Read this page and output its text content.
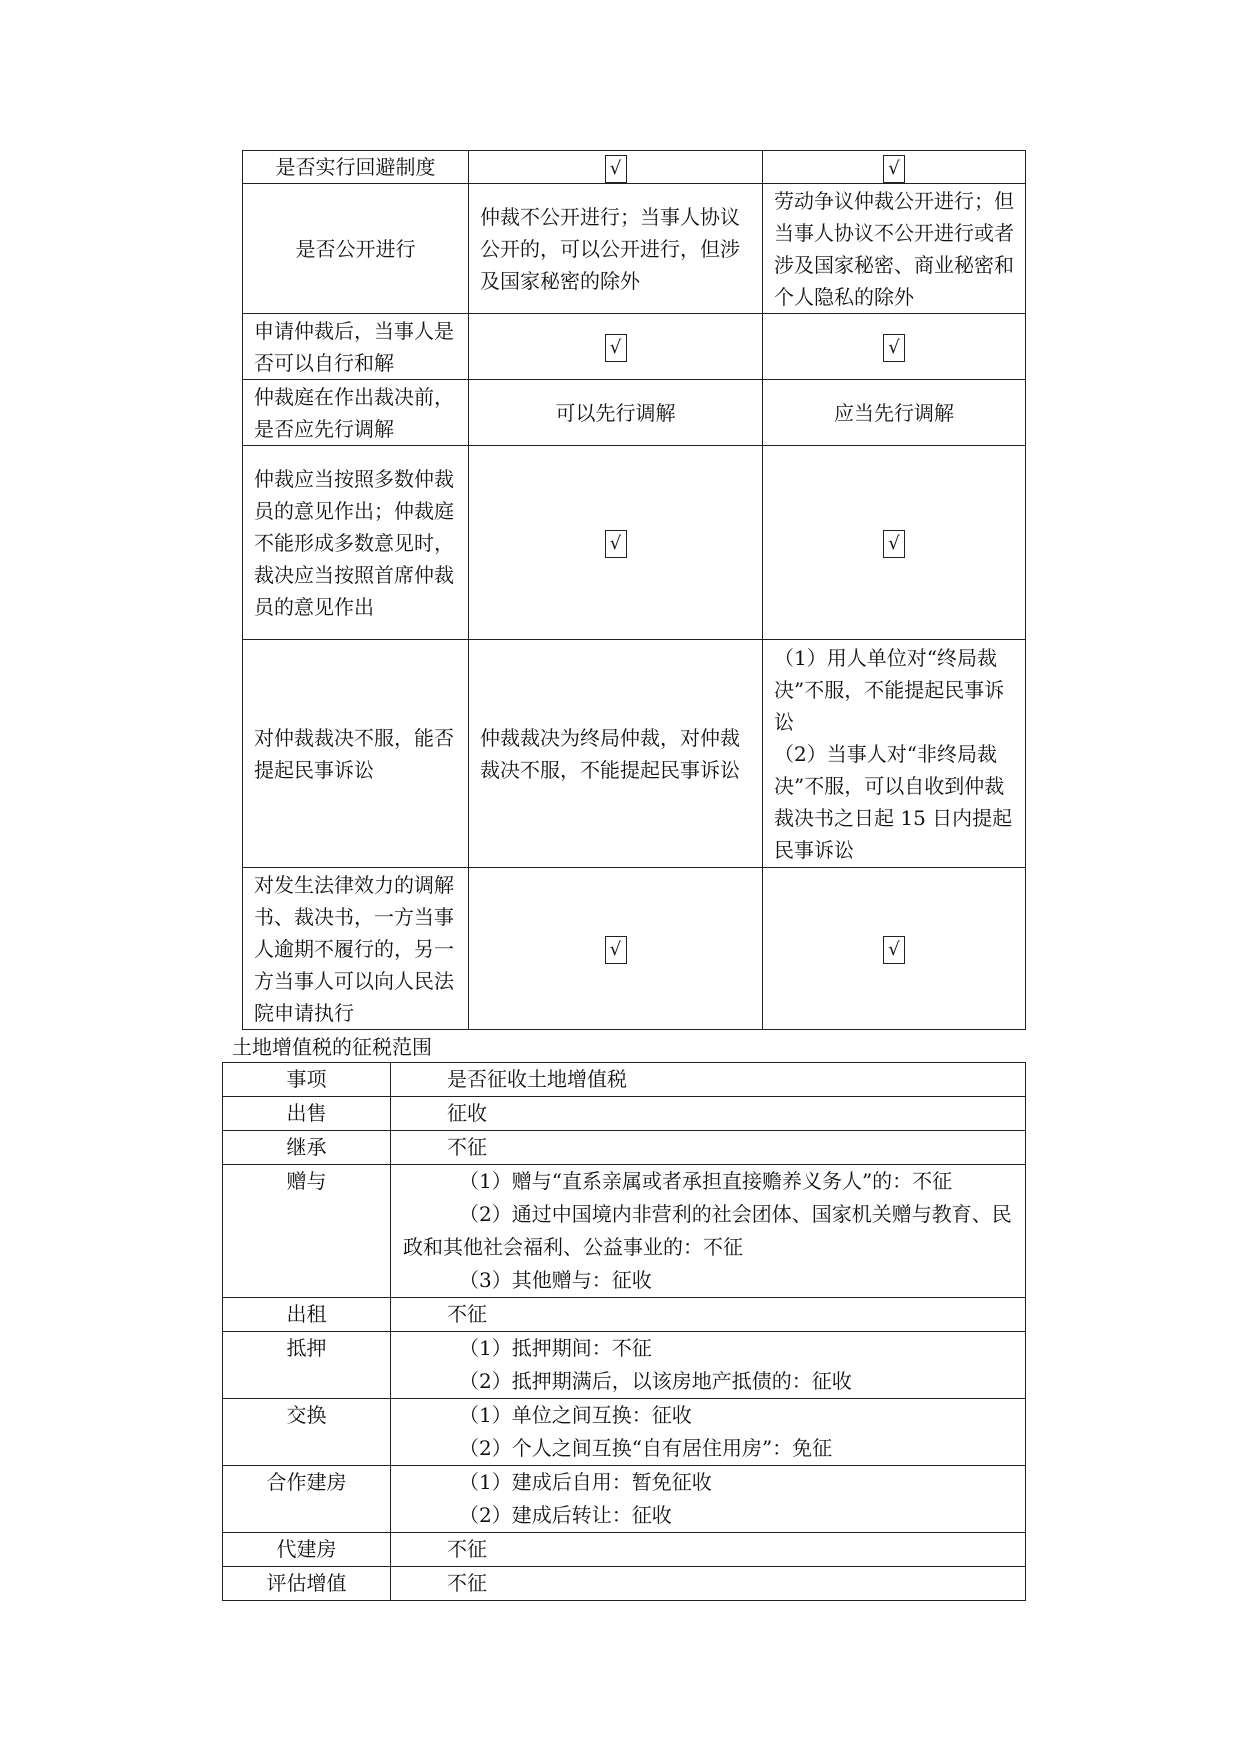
是否实行回避制度	√	√
是否公开进行	仲裁不公开进行；当事人协议公开的，可以公开进行，但涉及国家秘密的除外	劳动争议仲裁公开进行；但当事人协议不公开进行或者涉及国家秘密、商业秘密和个人隐私的除外
申请仲裁后，当事人是否可以自行和解	√	√
仲裁庭在作出裁决前，是否应先行调解	可以先行调解	应当先行调解
仲裁应当按照多数仲裁员的意见作出；仲裁庭不能形成多数意见时，裁决应当按照首席仲裁员的意见作出	√	√
对仲裁裁决不服，能否提起民事诉讼	仲裁裁决为终局仲裁，对仲裁裁决不服，不能提起民事诉讼	（1）用人单位对“终局裁决”不服，不能提起民事诉讼
（2）当事人对“非终局裁决”不服，可以自收到仲裁裁决书之日起 15 日内提起民事诉讼
对发生法律效力的调解书、裁决书，一方当事人逾期不履行的，另一方当事人可以向人民法院申请执行	√	√
土地增值税的征税范围
事项	是否征收土地增值税

出售	征收

继承	不征

赠与	（1）赠与“直系亲属或者承担直接赡养义务人”的：不征
（2）通过中国境内非营利的社会团体、国家机关赠与教育、民政和其他社会福利、公益事业的：不征
（3）其他赠与：征收

出租	不征

抵押	（1）抵押期间：不征
（2）抵押期满后，以该房地产抵债的：征收

交换	（1）单位之间互换：征收
（2）个人之间互换“自有居住用房”：免征

合作建房	（1）建成后自用：暂免征收
（2）建成后转让：征收

代建房	不征

评估增值	不征
